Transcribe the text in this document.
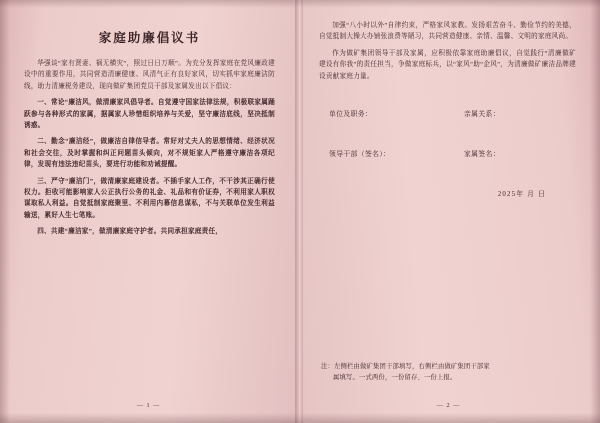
家庭助廉倡议书

华强谈“家有贤妻、祸无横灾”，照过日日万顺”。为充分发挥家庭在党风廉政建设中的重要作用，共同营造清廉健康、风清气正有良好家风，切实抓牢家庭廉洁防线，助力清廉税务建设，现向做矿集团党员干部及家属发出以下倡议：

一、常论“廉洁风，做清廉家风倡导者。自觉遵守国家法律法规，积极联家属踊跃参与各种形式的家属，据属家人珍惜组织培养与关爱，坚守廉洁底线，坚决抵制诱惑。

二、勤念“廉洁经”，做廉洁自律信导者。常好对丈夫人的思想情绪、经济状况和社会交往，及时掌握和纠正问题苗头倾向，对不规矩家人严格遵守廉洁各项纪律，发现有违法违纪苗头，要进行功能和劝诫提醒。

三、严守“廉洁门”，做清廉家庭建设者。不插手家人工作，不干涉其正确行使权力。拒收可能影响家人公正执行公务的礼金、礼品和有价证券，不利用家人职权谋取私人利益。自觉抵制家庭聚里、不利用内幕信息谋私，不与关联单位发生利益输送，累好人生七笔账。

四、共建“廉洁家”，做清廉家庭守护者。共同承担家庭责任，

— 1 —

加强“八小时以外”自律约束，严格家风家教。发扬艰苦奋斗、勤俭节约的美德，自觉抵制大操大办铺张浪费等陋习，共同营造健康、亲情、温馨、文明的家庭风尚。

作为做矿集团领导干部及家属，应积极依靠家庭助廉倡议，自觉践行“清廉做矿 建设有你我”的责任担当，争做家庭标兵，以“家风”助“企风”，为清廉做矿廉洁品牌建设贡献家庭力量。

单位及职务：	亲属关系：
领导干部（签名）：	家属签名：
2025年 月 日
注：左侧栏由做矿集团干部填写，右侧栏由做矿集团干部家
属填写。一式两份，一份留存、一份上报。
— 2 —
